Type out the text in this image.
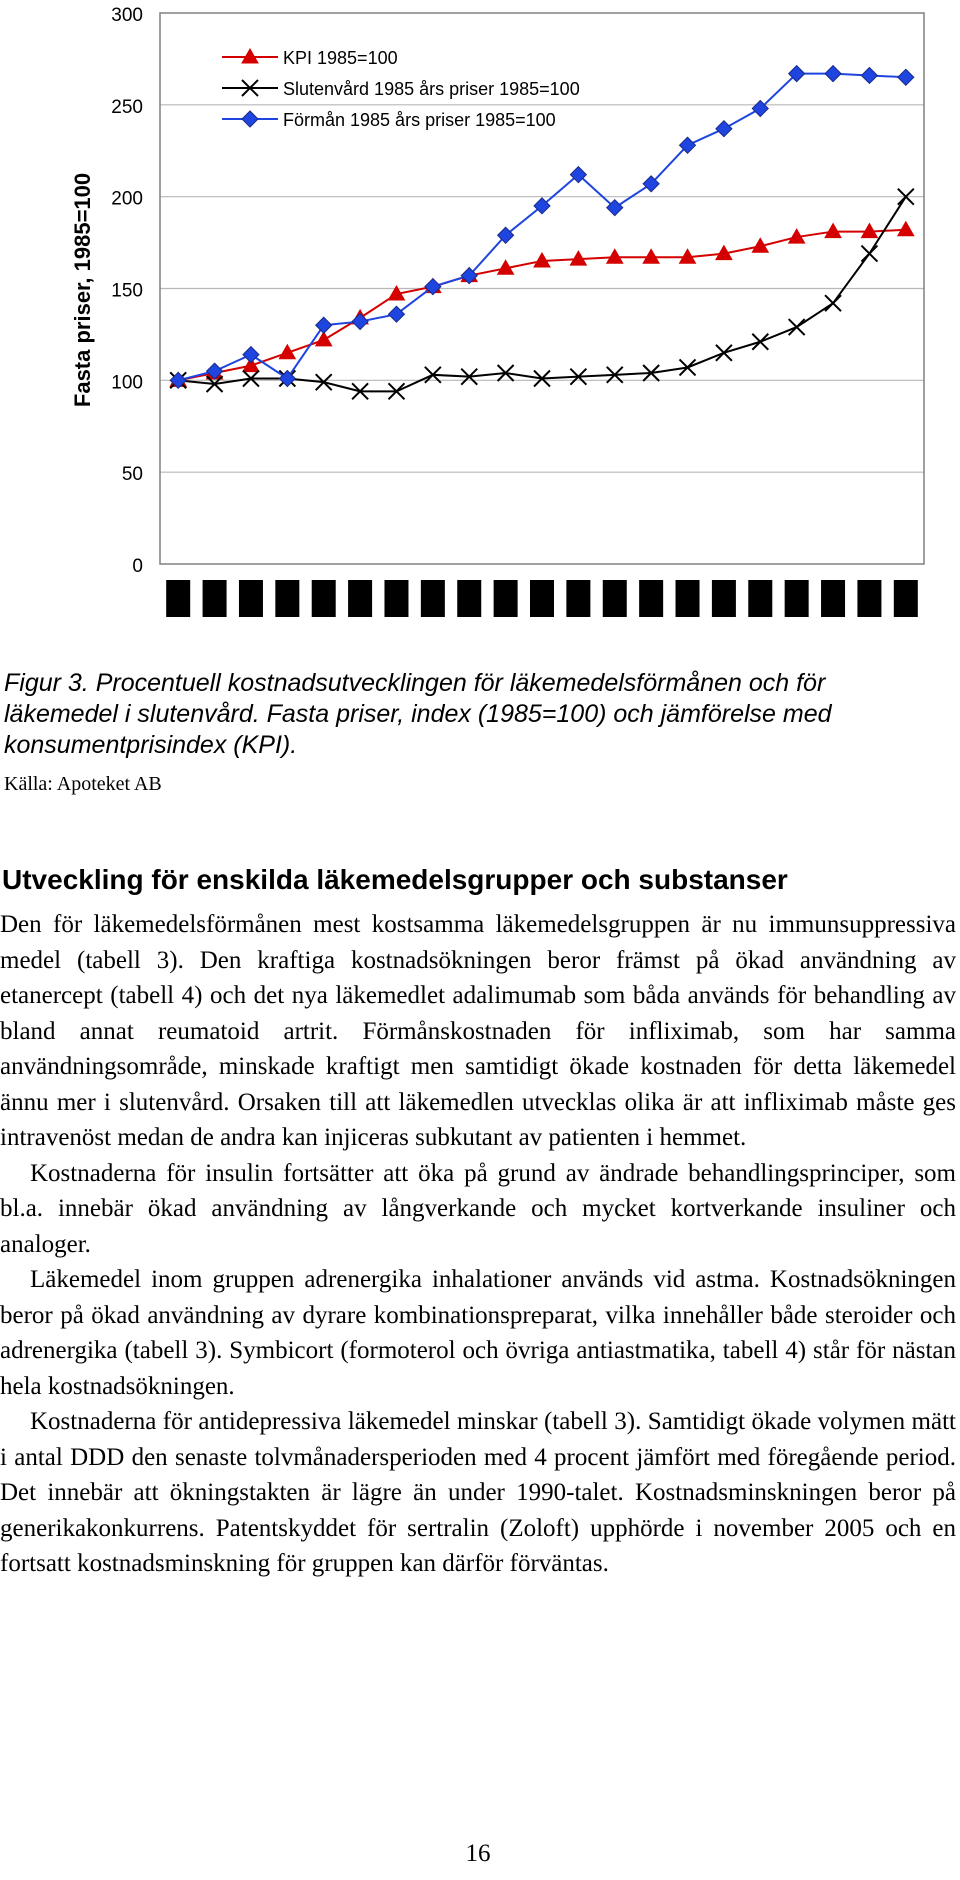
Fasta priser, 1985=100
0
50
100
150
200
250
300
KPI 1985=100
Slutenvård 1985 års priser 1985=100
Förmån 1985 års priser 1985=100

Figur 3. Procentuell kostnadsutvecklingen för läkemedelsförmånen och för läkemedel i slutenvård. Fasta priser, index (1985=100) och jämförelse med konsumentprisindex (KPI).

Källa: Apoteket AB
Utveckling för enskilda läkemedelsgrupper och substanser

Den för läkemedelsförmånen mest kostsamma läkemedelsgruppen är nu immunsuppressiva medel (tabell 3). Den kraftiga kostnadsökningen beror främst på ökad användning av etanercept (tabell 4) och det nya läkemedlet adalimumab som båda används för behandling av bland annat reumatoid artrit. Förmånskostnaden för infliximab, som har samma användningsområde, minskade kraftigt men samtidigt ökade kostnaden för detta läkemedel ännu mer i slutenvård. Orsaken till att läkemedlen utvecklas olika är att infliximab måste ges intravenöst medan de andra kan injiceras subkutant av patienten i hemmet.

Kostnaderna för insulin fortsätter att öka på grund av ändrade behandlingsprinciper, som bl.a. innebär ökad användning av långverkande och mycket kortverkande insuliner och analoger.

Läkemedel inom gruppen adrenergika inhalationer används vid astma. Kostnadsökningen beror på ökad användning av dyrare kombinationspreparat, vilka innehåller både steroider och adrenergika (tabell 3). Symbicort (formoterol och övriga antiastmatika, tabell 4) står för nästan hela kostnadsökningen.

Kostnaderna för antidepressiva läkemedel minskar (tabell 3). Samtidigt ökade volymen mätt i antal DDD den senaste tolvmånadersperioden med 4 procent jämfört med föregående period. Det innebär att ökningstakten är lägre än under 1990-talet. Kostnadsminskningen beror på generikakonkurrens. Patentskyddet för sertralin (Zoloft) upphörde i november 2005 och en fortsatt kostnadsminskning för gruppen kan därför förväntas.

16
